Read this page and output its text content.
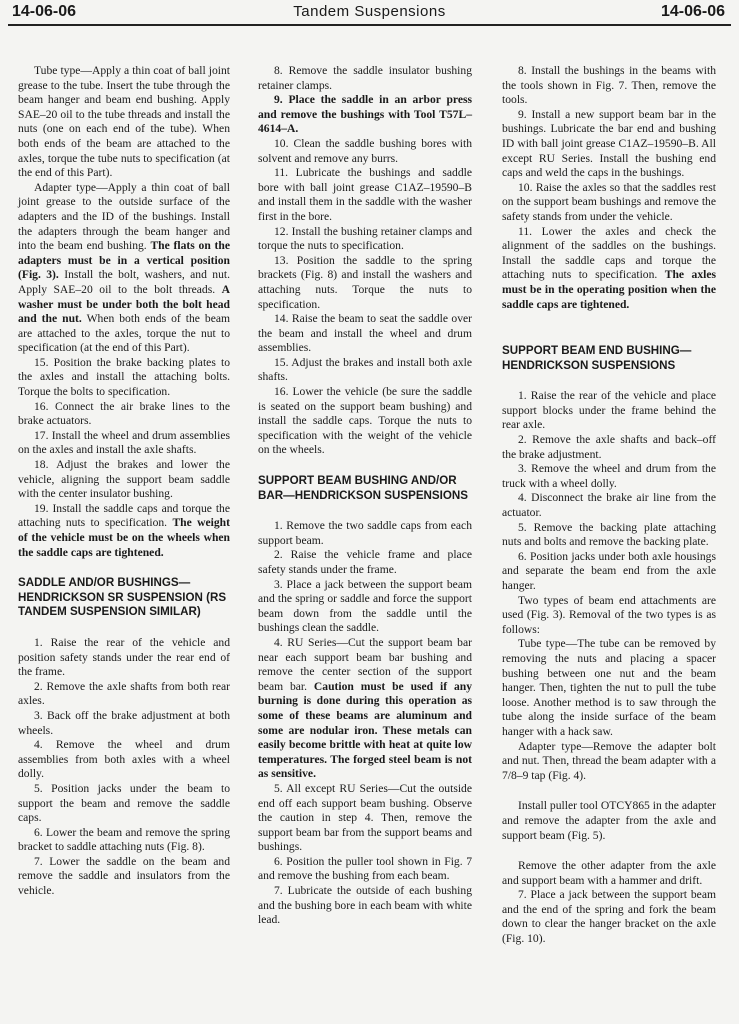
14-06-06	Tandem Suspensions	14-06-06

Tube type—Apply a thin coat of ball joint grease to the tube. Insert the tube through the beam hanger and beam end bushing. Apply SAE–20 oil to the tube threads and install the nuts (one on each end of the tube). When both ends of the beam are attached to the axles, torque the tube nuts to specification (at the end of this Part).

Adapter type—Apply a thin coat of ball joint grease to the outside surface of the adapters and the ID of the bushings. Install the adapters through the beam hanger and into the beam end bushing. The flats on the adapters must be in a vertical position (Fig. 3). Install the bolt, washers, and nut. Apply SAE–20 oil to the bolt threads. A washer must be under both the bolt head and the nut. When both ends of the beam are attached to the axles, torque the nut to specification (at the end of this Part).

15. Position the brake backing plates to the axles and install the attaching bolts. Torque the bolts to specification.

16. Connect the air brake lines to the brake actuators.

17. Install the wheel and drum assemblies on the axles and install the axle shafts.

18. Adjust the brakes and lower the vehicle, aligning the support beam saddle with the center insulator bushing.

19. Install the saddle caps and torque the attaching nuts to specification. The weight of the vehicle must be on the wheels when the saddle caps are tightened.

SADDLE AND/OR BUSHINGS—HENDRICKSON SR SUSPENSION (RS TANDEM SUSPENSION SIMILAR)

1. Raise the rear of the vehicle and position safety stands under the rear end of the frame.

2. Remove the axle shafts from both rear axles.

3. Back off the brake adjustment at both wheels.

4. Remove the wheel and drum assemblies from both axles with a wheel dolly.

5. Position jacks under the beam to support the beam and remove the saddle caps.

6. Lower the beam and remove the spring bracket to saddle attaching nuts (Fig. 8).

7. Lower the saddle on the beam and remove the saddle and insulators from the vehicle.

8. Remove the saddle insulator bushing retainer clamps.

9. Place the saddle in an arbor press and remove the bushings with Tool T57L–4614–A.

10. Clean the saddle bushing bores with solvent and remove any burrs.

11. Lubricate the bushings and saddle bore with ball joint grease C1AZ–19590–B and install them in the saddle with the washer first in the bore.

12. Install the bushing retainer clamps and torque the nuts to specification.

13. Position the saddle to the spring brackets (Fig. 8) and install the washers and attaching nuts. Torque the nuts to specification.

14. Raise the beam to seat the saddle over the beam and install the wheel and drum assemblies.

15. Adjust the brakes and install both axle shafts.

16. Lower the vehicle (be sure the saddle is seated on the support beam bushing) and install the saddle caps. Torque the nuts to specification with the weight of the vehicle on the wheels.

SUPPORT BEAM BUSHING AND/OR BAR—HENDRICKSON SUSPENSIONS

1. Remove the two saddle caps from each support beam.

2. Raise the vehicle frame and place safety stands under the frame.

3. Place a jack between the support beam and the spring or saddle and force the support beam down from the saddle until the bushings clean the saddle.

4. RU Series—Cut the support beam bar near each support beam bar bushing and remove the center section of the support beam bar. Caution must be used if any burning is done during this operation as some of these beams are aluminum and some are nodular iron. These metals can easily become brittle with heat at quite low temperatures. The forged steel beam is not as sensitive.

5. All except RU Series—Cut the outside end off each support beam bushing. Observe the caution in step 4. Then, remove the support beam bar from the support beams and bushings.

6. Position the puller tool shown in Fig. 7 and remove the bushing from each beam.

7. Lubricate the outside of each bushing and the bushing bore in each beam with white lead.

8. Install the bushings in the beams with the tools shown in Fig. 7. Then, remove the tools.

9. Install a new support beam bar in the bushings. Lubricate the bar end and bushing ID with ball joint grease C1AZ–19590–B. All except RU Series. Install the bushing end caps and weld the caps in the bushings.

10. Raise the axles so that the saddles rest on the support beam bushings and remove the safety stands from under the vehicle.

11. Lower the axles and check the alignment of the saddles on the bushings. Install the saddle caps and torque the attaching nuts to specification. The axles must be in the operating position when the saddle caps are tightened.

SUPPORT BEAM END BUSHING—HENDRICKSON SUSPENSIONS

1. Raise the rear of the vehicle and place support blocks under the frame behind the rear axle.

2. Remove the axle shafts and back–off the brake adjustment.

3. Remove the wheel and drum from the truck with a wheel dolly.

4. Disconnect the brake air line from the actuator.

5. Remove the backing plate attaching nuts and bolts and remove the backing plate.

6. Position jacks under both axle housings and separate the beam end from the axle hanger.

Two types of beam end attachments are used (Fig. 3). Removal of the two types is as follows:

Tube type—The tube can be removed by removing the nuts and placing a spacer bushing between one nut and the beam hanger. Then, tighten the nut to pull the tube loose. Another method is to saw through the tube along the inside surface of the beam hanger with a hack saw.

Adapter type—Remove the adapter bolt and nut. Then, thread the beam adapter with a 7/8–9 tap (Fig. 4).

Install puller tool OTCY865 in the adapter and remove the adapter from the axle and support beam (Fig. 5).

Remove the other adapter from the axle and support beam with a hammer and drift.

7. Place a jack between the support beam and the end of the spring and fork the beam down to clear the hanger bracket on the axle (Fig. 10).
